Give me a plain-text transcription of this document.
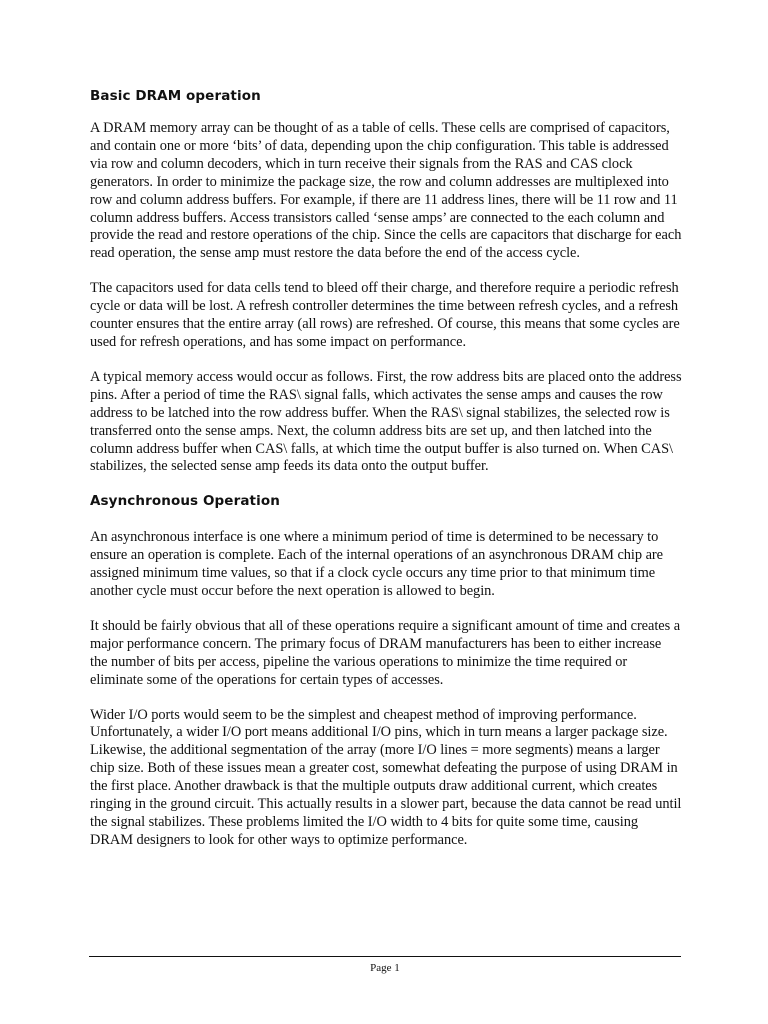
Basic DRAM operation

A DRAM memory array can be thought of as a table of cells. These cells are comprised of capacitors, and contain one or more ‘bits’ of data, depending upon the chip configuration. This table is addressed via row and column decoders, which in turn receive their signals from the RAS and CAS clock generators. In order to minimize the package size, the row and column addresses are multiplexed into row and column address buffers. For example, if there are 11 address lines, there will be 11 row and 11 column address buffers. Access transistors called ‘sense amps’ are connected to the each column and provide the read and restore operations of the chip. Since the cells are capacitors that discharge for each read operation, the sense amp must restore the data before the end of the access cycle.

The capacitors used for data cells tend to bleed off their charge, and therefore require a periodic refresh cycle or data will be lost. A refresh controller determines the time between refresh cycles, and a refresh counter ensures that the entire array (all rows) are refreshed. Of course, this means that some cycles are used for refresh operations, and has some impact on performance.

A typical memory access would occur as follows. First, the row address bits are placed onto the address pins. After a period of time the RAS\ signal falls, which activates the sense amps and causes the row address to be latched into the row address buffer. When the RAS\ signal stabilizes, the selected row is transferred onto the sense amps. Next, the column address bits are set up, and then latched into the column address buffer when CAS\ falls, at which time the output buffer is also turned on. When CAS\ stabilizes, the selected sense amp feeds its data onto the output buffer.

Asynchronous Operation

An asynchronous interface is one where a minimum period of time is determined to be necessary to ensure an operation is complete. Each of the internal operations of an asynchronous DRAM chip are assigned minimum time values, so that if a clock cycle occurs any time prior to that minimum time another cycle must occur before the next operation is allowed to begin.

It should be fairly obvious that all of these operations require a significant amount of time and creates a major performance concern. The primary focus of DRAM manufacturers has been to either increase the number of bits per access, pipeline the various operations to minimize the time required or eliminate some of the operations for certain types of accesses.

Wider I/O ports would seem to be the simplest and cheapest method of improving performance. Unfortunately, a wider I/O port means additional I/O pins, which in turn means a larger package size. Likewise, the additional segmentation of the array (more I/O lines = more segments) means a larger chip size. Both of these issues mean a greater cost, somewhat defeating the purpose of using DRAM in the first place. Another drawback is that the multiple outputs draw additional current, which creates ringing in the ground circuit. This actually results in a slower part, because the data cannot be read until the signal stabilizes. These problems limited the I/O width to 4 bits for quite some time, causing DRAM designers to look for other ways to optimize performance.

Page 1
